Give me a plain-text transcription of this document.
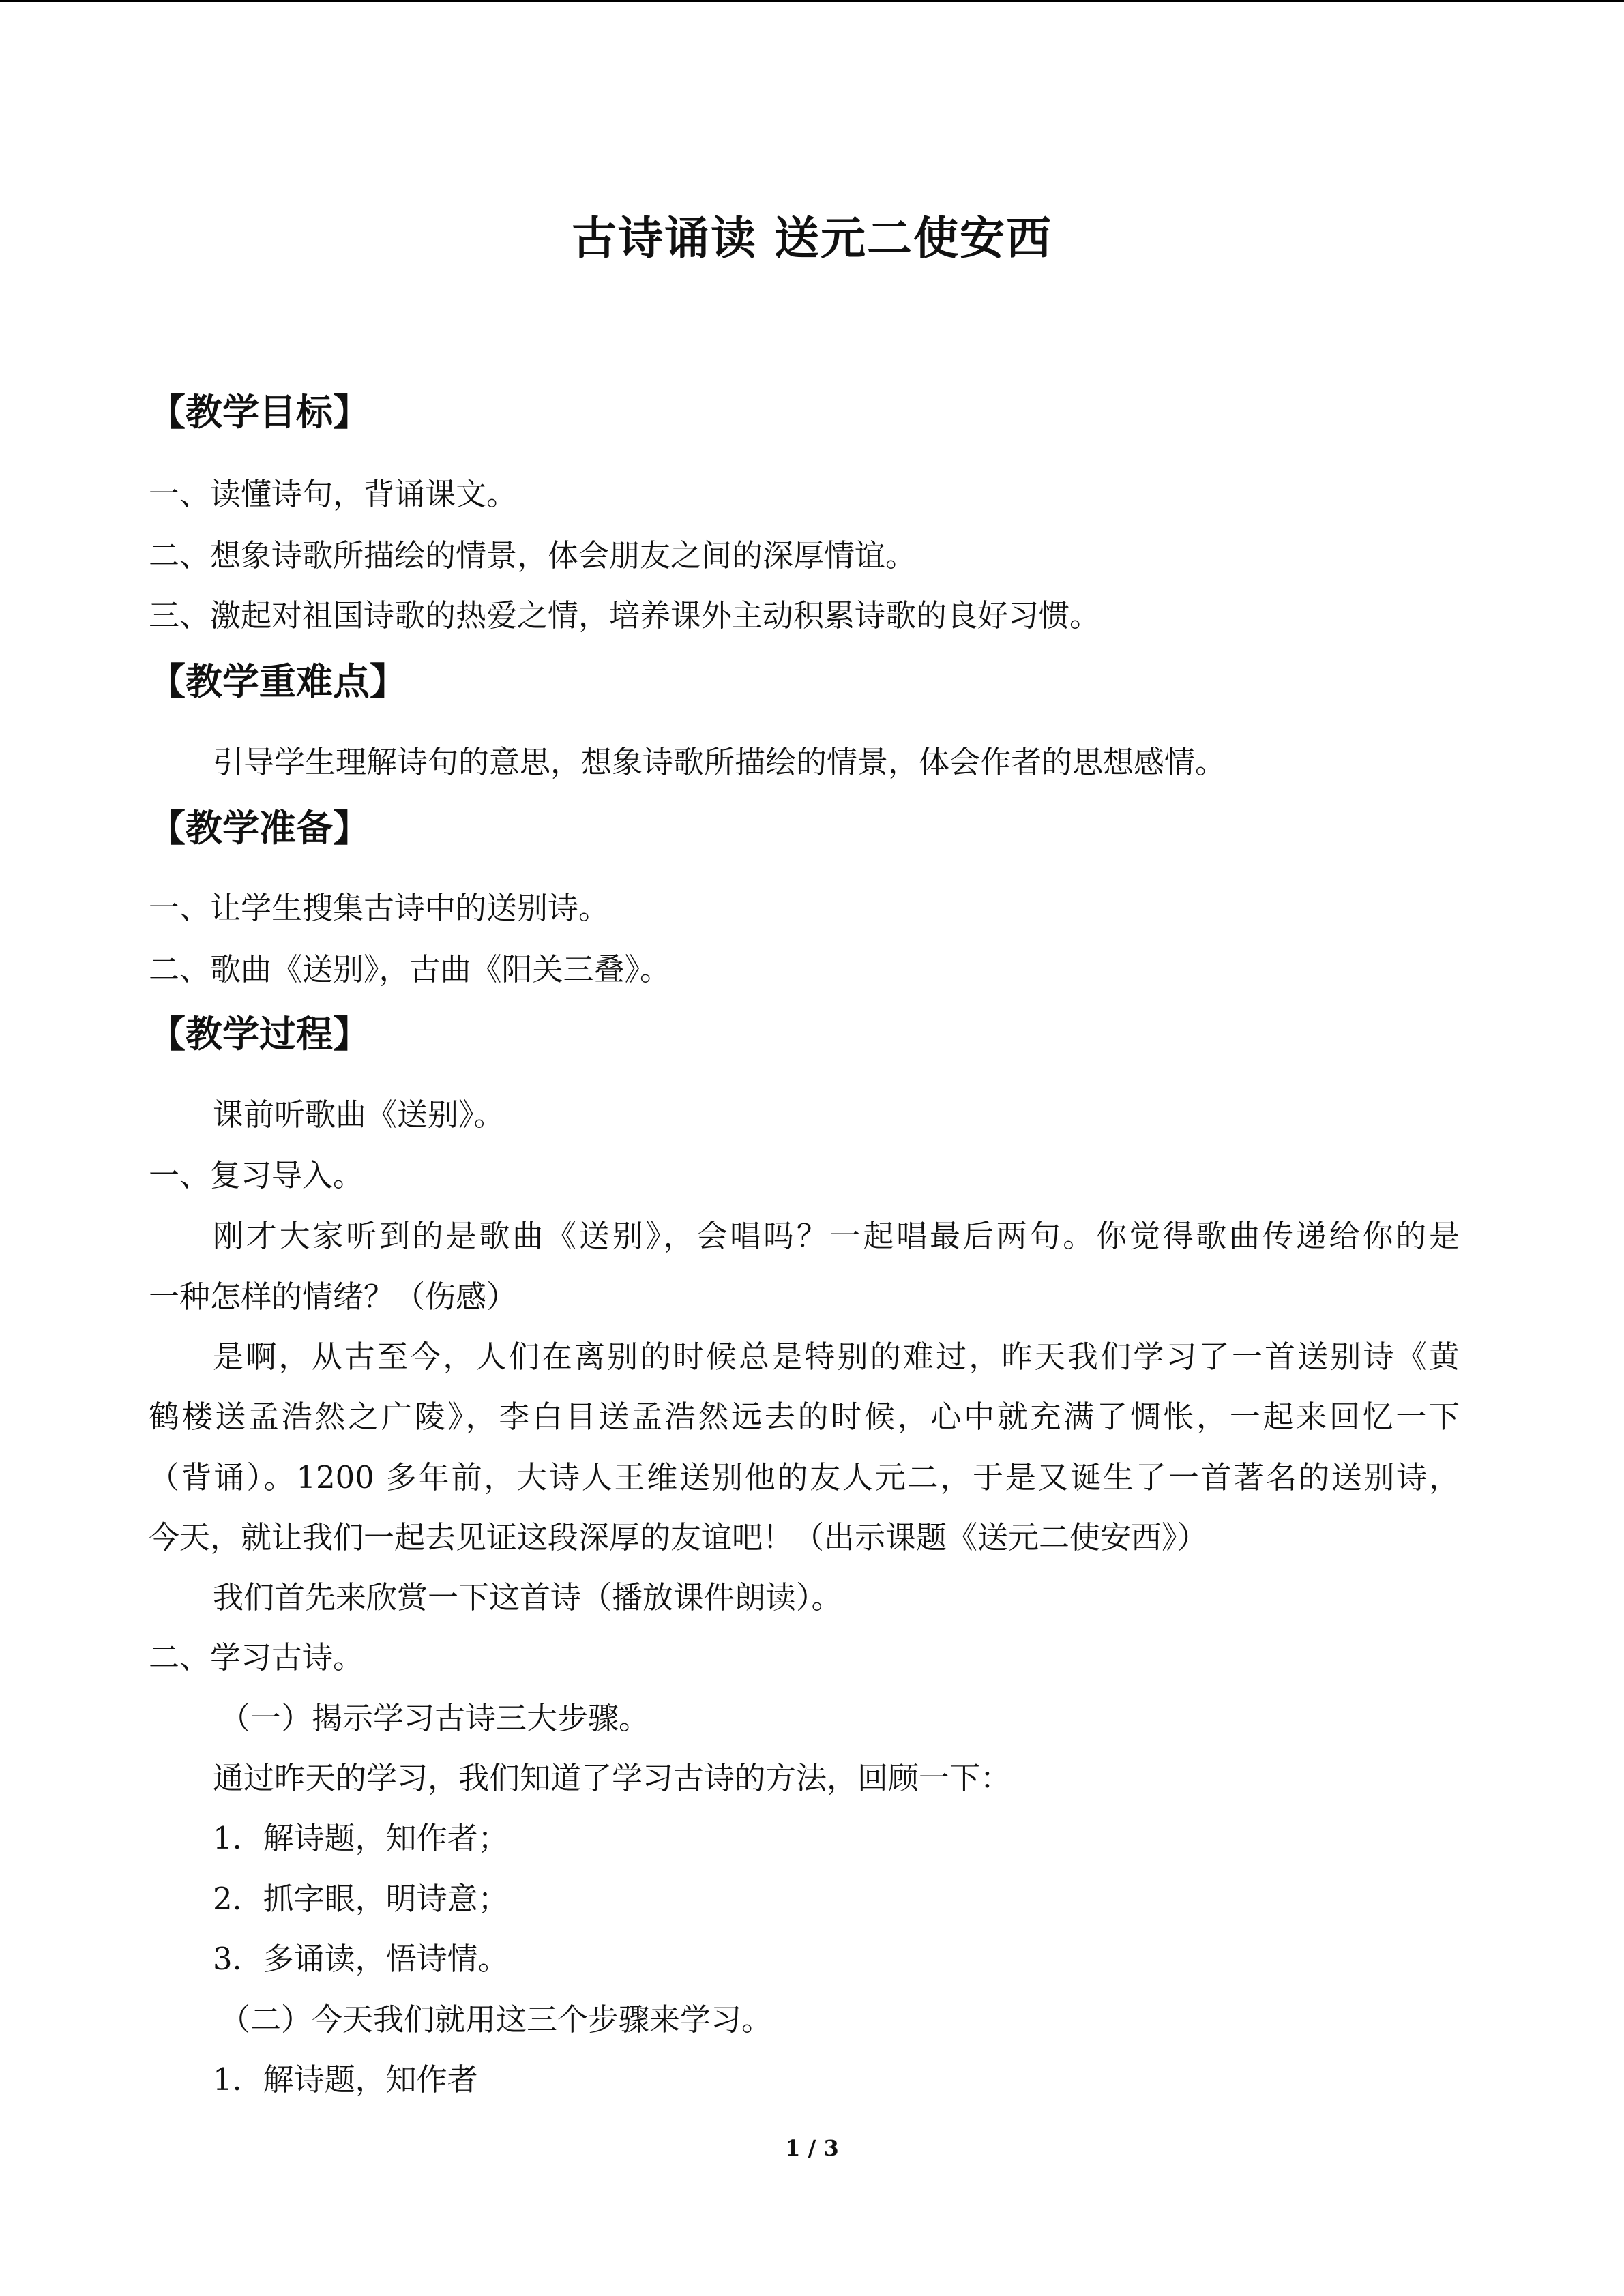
古诗诵读 送元二使安西
【教学目标】
一、读懂诗句，背诵课文。
二、想象诗歌所描绘的情景，体会朋友之间的深厚情谊。
三、激起对祖国诗歌的热爱之情，培养课外主动积累诗歌的良好习惯。
【教学重难点】
引导学生理解诗句的意思，想象诗歌所描绘的情景，体会作者的思想感情。
【教学准备】
一、让学生搜集古诗中的送别诗。
二、歌曲《送别》，古曲《阳关三叠》。
【教学过程】
课前听歌曲《送别》。
一、复习导入。
刚才大家听到的是歌曲《送别》，会唱吗？一起唱最后两句。你觉得歌曲传递给你的是
一种怎样的情绪？（伤感）
是啊，从古至今，人们在离别的时候总是特别的难过，昨天我们学习了一首送别诗《黄
鹤楼送孟浩然之广陵》，李白目送孟浩然远去的时候，心中就充满了惆怅，一起来回忆一下
（背诵）。1200 多年前，大诗人王维送别他的友人元二，于是又诞生了一首著名的送别诗，
今天，就让我们一起去见证这段深厚的友谊吧！（出示课题《送元二使安西》）
我们首先来欣赏一下这首诗（播放课件朗读）。
二、学习古诗。
（一）揭示学习古诗三大步骤。
通过昨天的学习，我们知道了学习古诗的方法，回顾一下：
1．解诗题，知作者；
2．抓字眼，明诗意；
3．多诵读，悟诗情。
（二）今天我们就用这三个步骤来学习。
1．解诗题，知作者
1 / 3
